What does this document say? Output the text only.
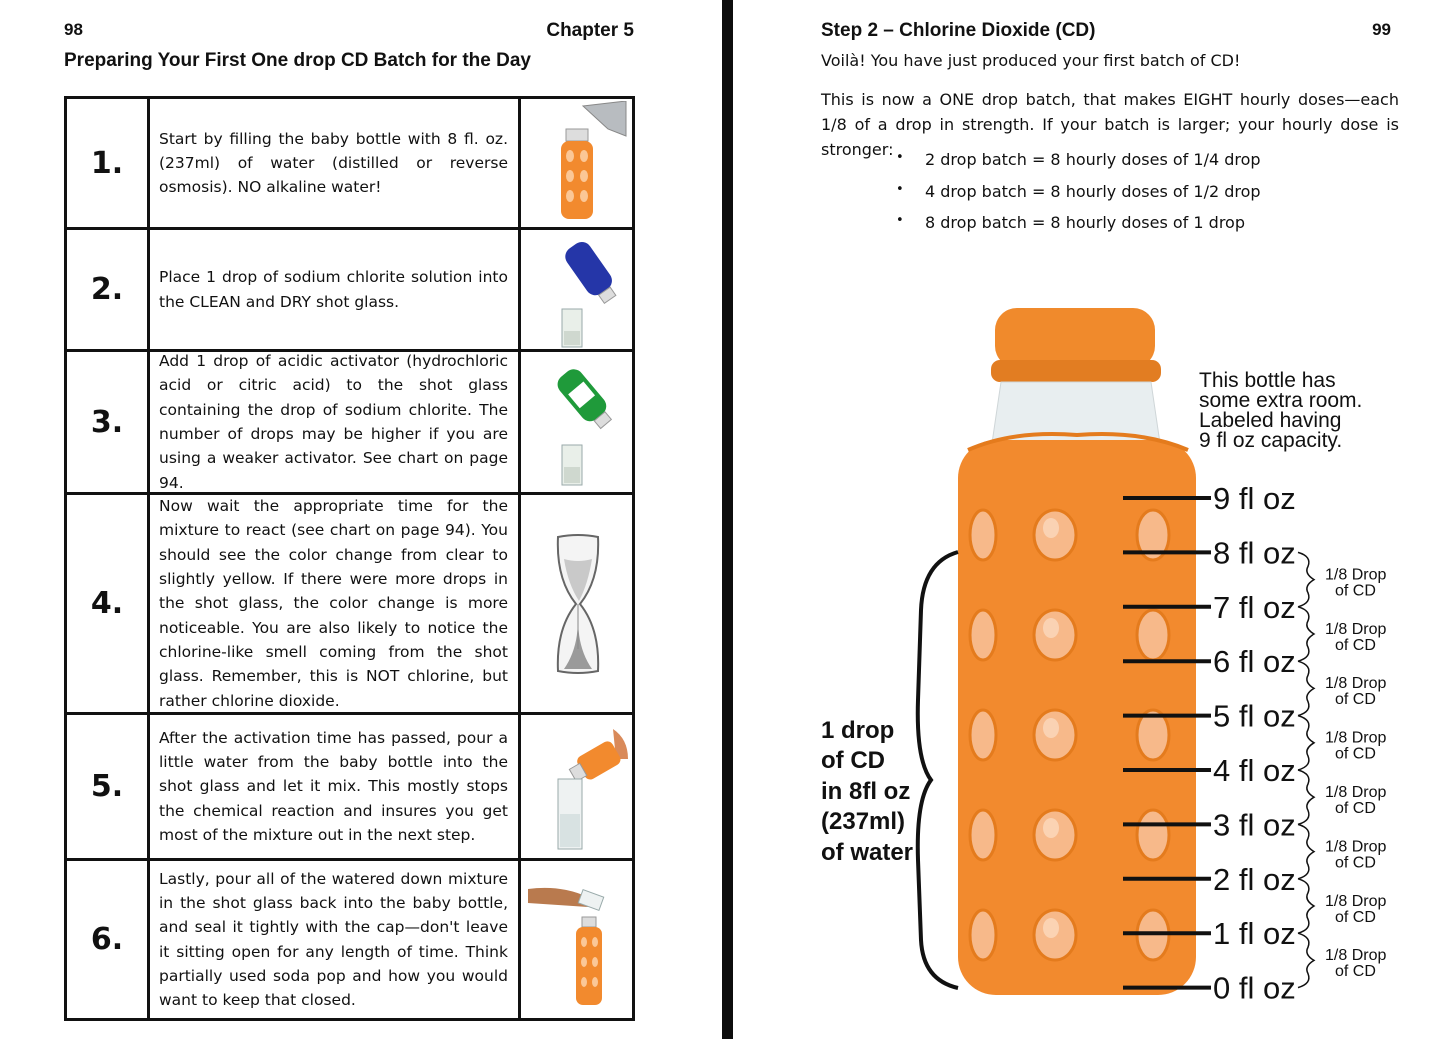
98	Chapter 5
Preparing Your First One drop CD Batch for the Day
1.
Start by filling the baby bottle with 8 fl. oz. (237ml) of water (distilled or reverse osmosis). NO alkaline water!
2.	Place 1 drop of sodium chlorite solution into the CLEAN and DRY shot glass.
3.
Add 1 drop of acidic activator (hydrochloric acid or citric acid) to the shot glass containing the drop of sodium chlorite. The number of drops may be higher if you are using a weaker activator. See chart on page 94.
4.
Now wait the appropriate time for the mixture to react (see chart on page 94). You should see the color change from clear to slightly yellow. If there were more drops in the shot glass, the color change is more noticeable. You are also likely to notice the chlorine-like smell coming from the shot glass. Remember, this is NOT chlorine, but rather chlorine dioxide.
5.
After the activation time has passed, pour a little water from the baby bottle into the shot glass and let it mix. This mostly stops the chemical reaction and insures you get most of the mixture out in the next step.
6.
Lastly, pour all of the watered down mixture in the shot glass back into the baby bottle, and seal it tightly with the cap—don't leave it sitting open for any length of time. Think partially used soda pop and how you would want to keep that closed.
Step 2 – Chlorine Dioxide (CD)	99
Voilà! You have just produced your first batch of CD!
This is now a ONE drop batch, that makes EIGHT hourly doses—each 1/8 of a drop in strength. If your batch is larger; your hourly dose is stronger:
• 2 drop batch = 8 hourly doses of 1/4 drop
• 4 drop batch = 8 hourly doses of 1/2 drop
• 8 drop batch = 8 hourly doses of 1 drop
This bottle has some extra room. Labeled having 9 fl oz capacity.
1 drop of CD in 8fl oz (237ml) of water
9 fl oz
8 fl oz
7 fl oz
6 fl oz
5 fl oz
4 fl oz
3 fl oz
2 fl oz
1 fl oz
0 fl oz
1/8 Drop
of CD
1/8 Drop
of CD
1/8 Drop
of CD
1/8 Drop
of CD
1/8 Drop
of CD
1/8 Drop
of CD
1/8 Drop
of CD
1/8 Drop
of CD
